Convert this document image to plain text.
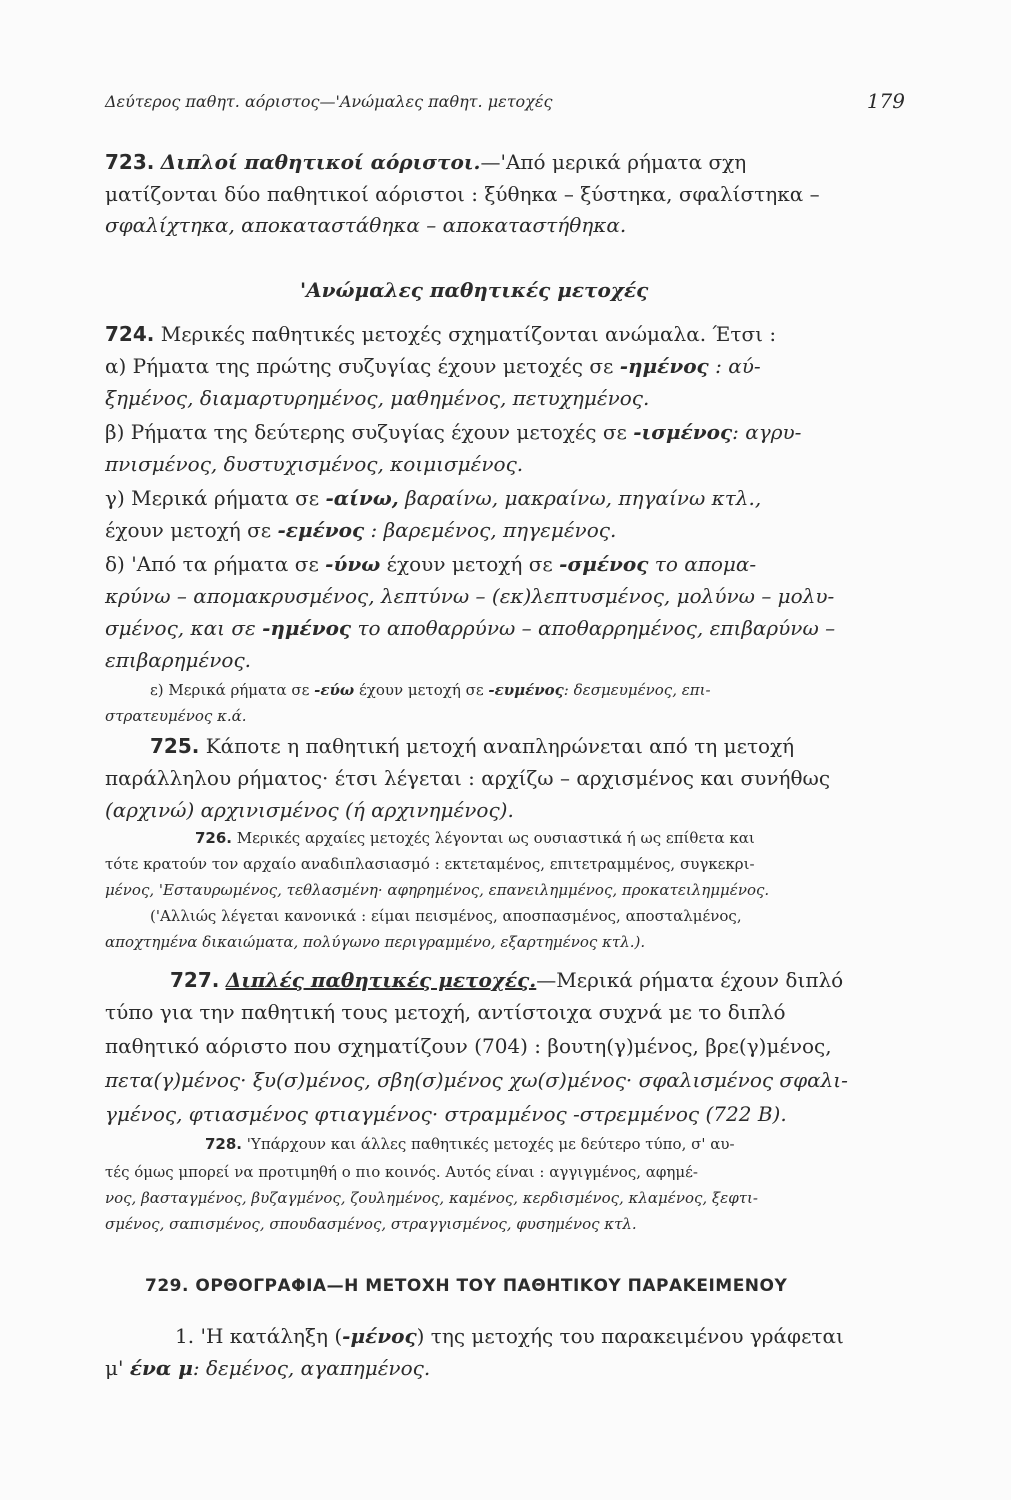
Δεύτερος παθητ. αόριστος—'Ανώμαλες παθητ. μετοχές	179
723. Διπλοί παθητικοί αόριστοι.—'Από μερικά ρήματα σχη
ματίζονται δύο παθητικοί αόριστοι : ξύθηκα – ξύστηκα, σφαλίστηκα –
σφαλίχτηκα, αποκαταστάθηκα – αποκαταστήθηκα.
'Ανώμαλες παθητικές μετοχές
724. Μερικές παθητικές μετοχές σχηματίζονται ανώμαλα. Έτσι :
α) Ρήματα της πρώτης συζυγίας έχουν μετοχές σε -ημένος : αύ-
ξημένος, διαμαρτυρημένος, μαθημένος, πετυχημένος.
β) Ρήματα της δεύτερης συζυγίας έχουν μετοχές σε -ισμένος: αγρυ-
πνισμένος, δυστυχισμένος, κοιμισμένος.
γ) Μερικά ρήματα σε -αίνω, βαραίνω, μακραίνω, πηγαίνω κτλ.,
έχουν μετοχή σε -εμένος : βαρεμένος, πηγεμένος.
δ) 'Από τα ρήματα σε -ύνω έχουν μετοχή σε -σμένος το απομα-
κρύνω – απομακρυσμένος, λεπτύνω – (εκ)λεπτυσμένος, μολύνω – μολυ-
σμένος, και σε -ημένος το αποθαρρύνω – αποθαρρημένος, επιβαρύνω –
επιβαρημένος.
ε) Μερικά ρήματα σε -εύω έχουν μετοχή σε -ευμένος: δεσμευμένος, επι-
στρατευμένος κ.ά.
725. Κάποτε η παθητική μετοχή αναπληρώνεται από τη μετοχή
παράλληλου ρήματος· έτσι λέγεται : αρχίζω – αρχισμένος και συνήθως
(αρχινώ) αρχινισμένος (ή αρχινημένος).
726. Μερικές αρχαίες μετοχές λέγονται ως ουσιαστικά ή ως επίθετα και
τότε κρατούν τον αρχαίο αναδιπλασιασμό : εκτεταμένος, επιτετραμμένος, συγκεκρι-
μένος, 'Εσταυρωμένος, τεθλασμένη· αφηρημένος, επανειλημμένος, προκατειλημμένος.
('Αλλιώς λέγεται κανονικά : είμαι πεισμένος, αποσπασμένος, αποσταλμένος,
αποχτημένα δικαιώματα, πολύγωνο περιγραμμένο, εξαρτημένος κτλ.).
727. Διπλές παθητικές μετοχές.—Μερικά ρήματα έχουν διπλό
τύπο για την παθητική τους μετοχή, αντίστοιχα συχνά με το διπλό
παθητικό αόριστο που σχηματίζουν (704) : βουτη(γ)μένος, βρε(γ)μένος,
πετα(γ)μένος· ξυ(σ)μένος, σβη(σ)μένος χω(σ)μένος· σφαλισμένος σφαλι-
γμένος, φτιασμένος φτιαγμένος· στραμμένος -στρεμμένος (722 Β).
728. 'Υπάρχουν και άλλες παθητικές μετοχές με δεύτερο τύπο, σ' αυ-
τές όμως μπορεί να προτιμηθή ο πιο κοινός. Αυτός είναι : αγγιγμένος, αφημέ-
νος, βασταγμένος, βυζαγμένος, ζουλημένος, καμένος, κερδισμένος, κλαμένος, ξεφτι-
σμένος, σαπισμένος, σπουδασμένος, στραγγισμένος, φυσημένος κτλ.
729. ΟΡΘΟΓΡΑΦΙΑ—Η ΜΕΤΟΧΗ ΤΟΥ ΠΑΘΗΤΙΚΟΥ ΠΑΡΑΚΕΙΜΕΝΟΥ
1. 'Η κατάληξη (-μένος) της μετοχής του παρακειμένου γράφεται
μ' ένα μ: δεμένος, αγαπημένος.
